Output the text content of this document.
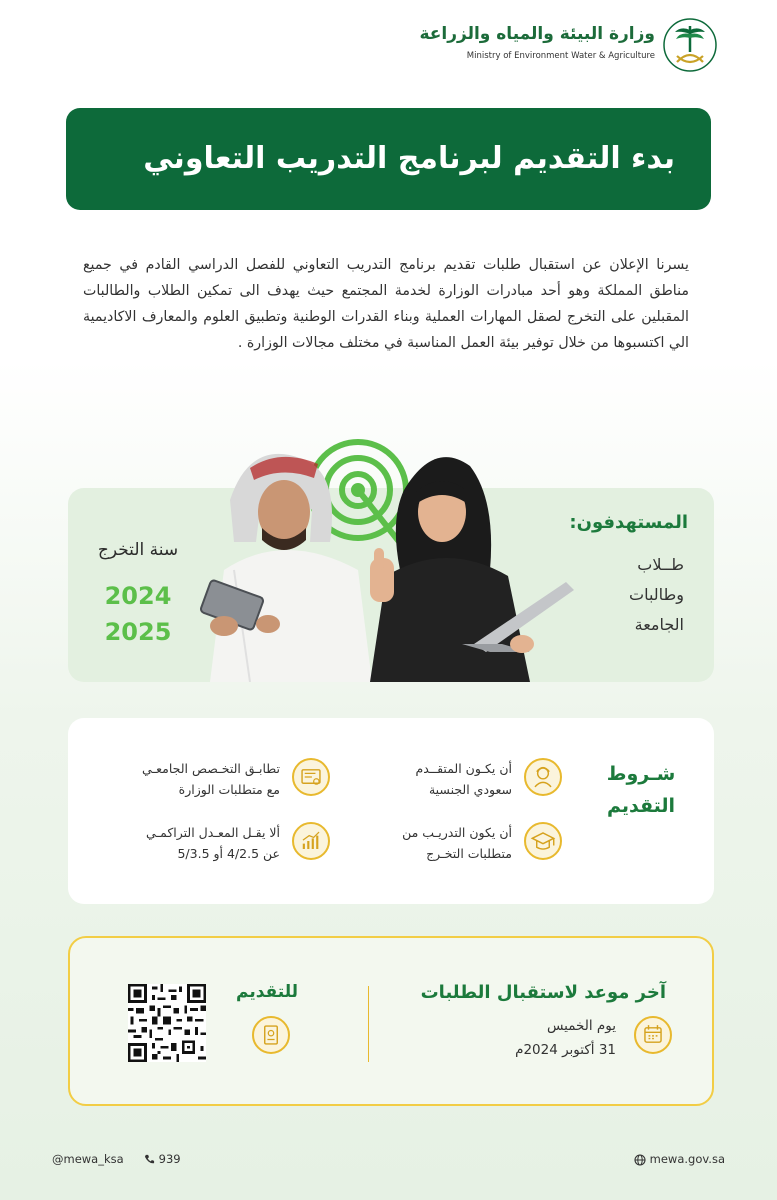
وزارة البيئة والمياه والزراعة
Ministry of Environment Water & Agriculture
بدء التقديم لبرنامج التدريب التعاوني

يسرنا الإعلان عن استقبال طلبات تقديم برنامج التدريب التعاوني للفصل الدراسي القادم في جميع مناطق المملكة وهو أحد مبادرات الوزارة لخدمة المجتمع حيث يهدف الى تمكين الطلاب والطالبات المقبلين على التخرج لصقل المهارات العملية وبناء القدرات الوطنية وتطبيق العلوم والمعارف الاكاديمية الي اكتسبوها من خلال توفير بيئة العمل المناسبة في مختلف مجالات الوزارة .

المستهدفون:
طــلاب
وطالبات
الجامعة
سنة التخرج
2024
2025
شـروط
التقديم
أن يكـون المتقــدم
سعودي الجنسية
أن يكون التدريـب من
متطلبات التخـرج
تطابـق التخـصص الجامعـي
مع متطلبات الوزارة
ألا يقـل المعـدل التراكمـي
عن 4/2.5 أو 5/3.5
آخر موعد لاستقبال الطلبات
يوم الخميس
31 أكتوبر 2024م
للتقديم
@mewa_ksa	939	mewa.gov.sa
